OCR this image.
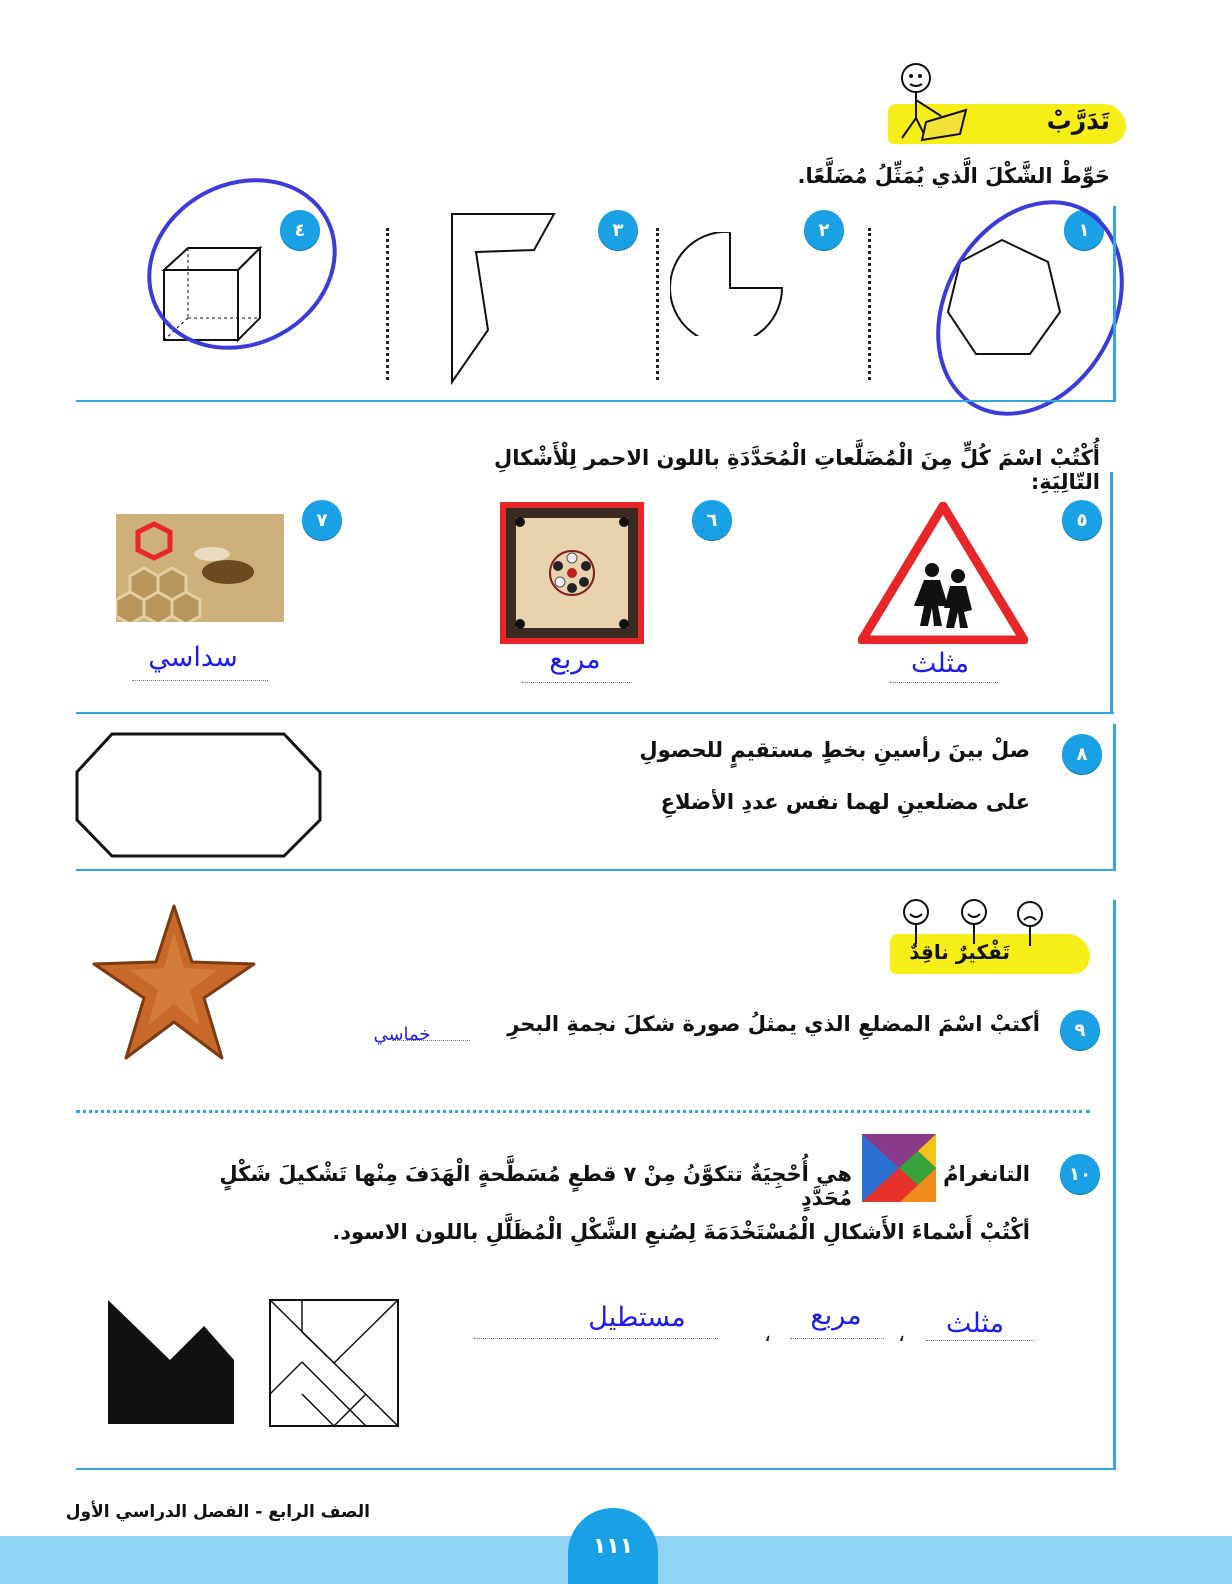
تَدَرَّبْ
حَوِّطْ الشَّكْلَ الَّذي يُمَثِّلُ مُضَلَّعًا.
١
٢
٣
٤
أُكْتُبْ اسْمَ كُلٍّ مِنَ الْمُضَلَّعاتِ الْمُحَدَّدَةِ باللون الاحمر لِلْأَشْكالِ التّالِيَةِ:
٥
٦
٧
مثلث
مربع
سداسي
٨
صلْ بينَ رأسينِ بخطٍ مستقيمٍ للحصولِ
على مضلعينِ لهما نفس عددِ الأضلاعِ
تَفْكيرٌ ناقِدٌ
٩
أكتبْ اسْمَ المضلعِ الذي يمثلُ صورة شكلَ نجمةِ البحرِ
خماسي
١٠
التانغرامُ
هي أُحْجِيَةٌ تتكوَّنُ مِنْ ٧ قطعٍ مُسَطَّحةٍ الْهَدَفَ مِنْها تَشْكيلَ شَكْلٍ مُحَدَّدٍ
أكْتُبْ أَسْماءَ الأَشكالِ الْمُسْتَخْدَمَةَ لِصُنعِ الشَّكْلِ الْمُظَلَّلِ باللون الاسود.
مثلث
،
مربع
،
مستطيل
الصف الرابع - الفصل الدراسي الأول
١١١
